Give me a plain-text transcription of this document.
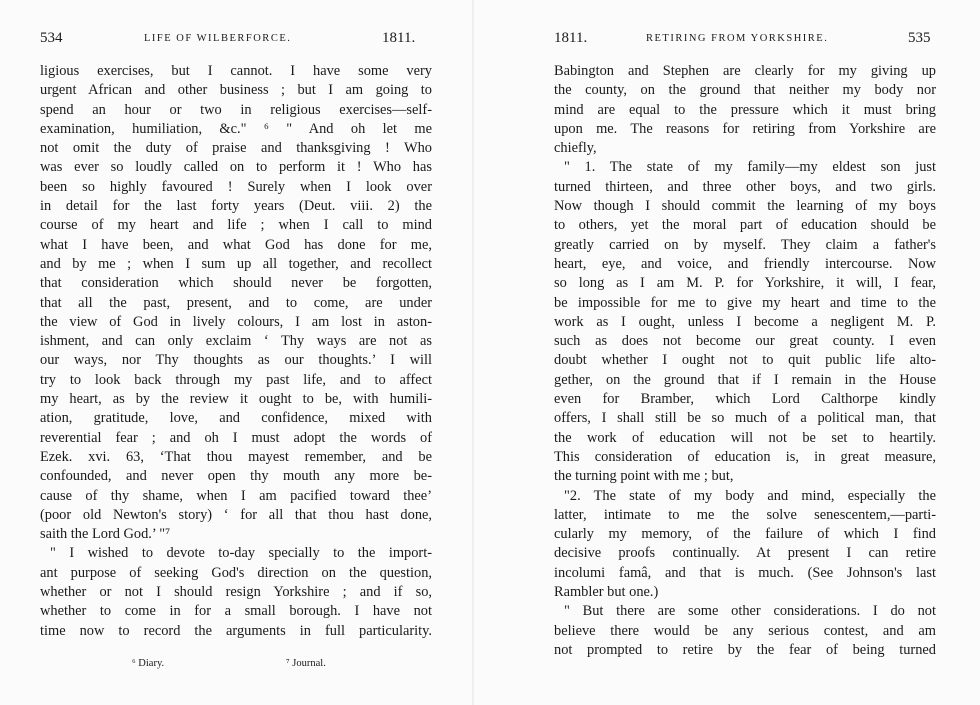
534	LIFE OF WILBERFORCE.	1811.
ligious exercises, but I cannot. I have some very
urgent African and other business ; but I am going to
spend an hour or two in religious exercises—self-
examination, humiliation, &c." ⁶ " And oh let me
not omit the duty of praise and thanksgiving ! Who
was ever so loudly called on to perform it ! Who has
been so highly favoured ! Surely when I look over
in detail for the last forty years (Deut. viii. 2) the
course of my heart and life ; when I call to mind
what I have been, and what God has done for me,
and by me ; when I sum up all together, and recollect
that consideration which should never be forgotten,
that all the past, present, and to come, are under
the view of God in lively colours, I am lost in aston-
ishment, and can only exclaim ‘ Thy ways are not as
our ways, nor Thy thoughts as our thoughts.’ I will
try to look back through my past life, and to affect
my heart, as by the review it ought to be, with humili-
ation, gratitude, love, and confidence, mixed with
reverential fear ; and oh I must adopt the words of
Ezek. xvi. 63, ‘That thou mayest remember, and be
confounded, and never open thy mouth any more be-
cause of thy shame, when I am pacified toward thee’
(poor old Newton's story) ‘ for all that thou hast done,
saith the Lord God.’ "⁷
" I wished to devote to-day specially to the import-
ant purpose of seeking God's direction on the question,
whether or not I should resign Yorkshire ; and if so,
whether to come in for a small borough. I have not
time now to record the arguments in full particularity.
⁶ Diary.	⁷ Journal.
1811.	RETIRING FROM YORKSHIRE.	535
Babington and Stephen are clearly for my giving up
the county, on the ground that neither my body nor
mind are equal to the pressure which it must bring
upon me. The reasons for retiring from Yorkshire are
chiefly,
" 1. The state of my family—my eldest son just
turned thirteen, and three other boys, and two girls.
Now though I should commit the learning of my boys
to others, yet the moral part of education should be
greatly carried on by myself. They claim a father's
heart, eye, and voice, and friendly intercourse. Now
so long as I am M. P. for Yorkshire, it will, I fear,
be impossible for me to give my heart and time to the
work as I ought, unless I become a negligent M. P.
such as does not become our great county. I even
doubt whether I ought not to quit public life alto-
gether, on the ground that if I remain in the House
even for Bramber, which Lord Calthorpe kindly
offers, I shall still be so much of a political man, that
the work of education will not be set to heartily.
This consideration of education is, in great measure,
the turning point with me ; but,
"2. The state of my body and mind, especially the
latter, intimate to me the solve senescentem,—parti-
cularly my memory, of the failure of which I find
decisive proofs continually. At present I can retire
incolumi famâ, and that is much. (See Johnson's last
Rambler but one.)
" But there are some other considerations. I do not
believe there would be any serious contest, and am
not prompted to retire by the fear of being turned
